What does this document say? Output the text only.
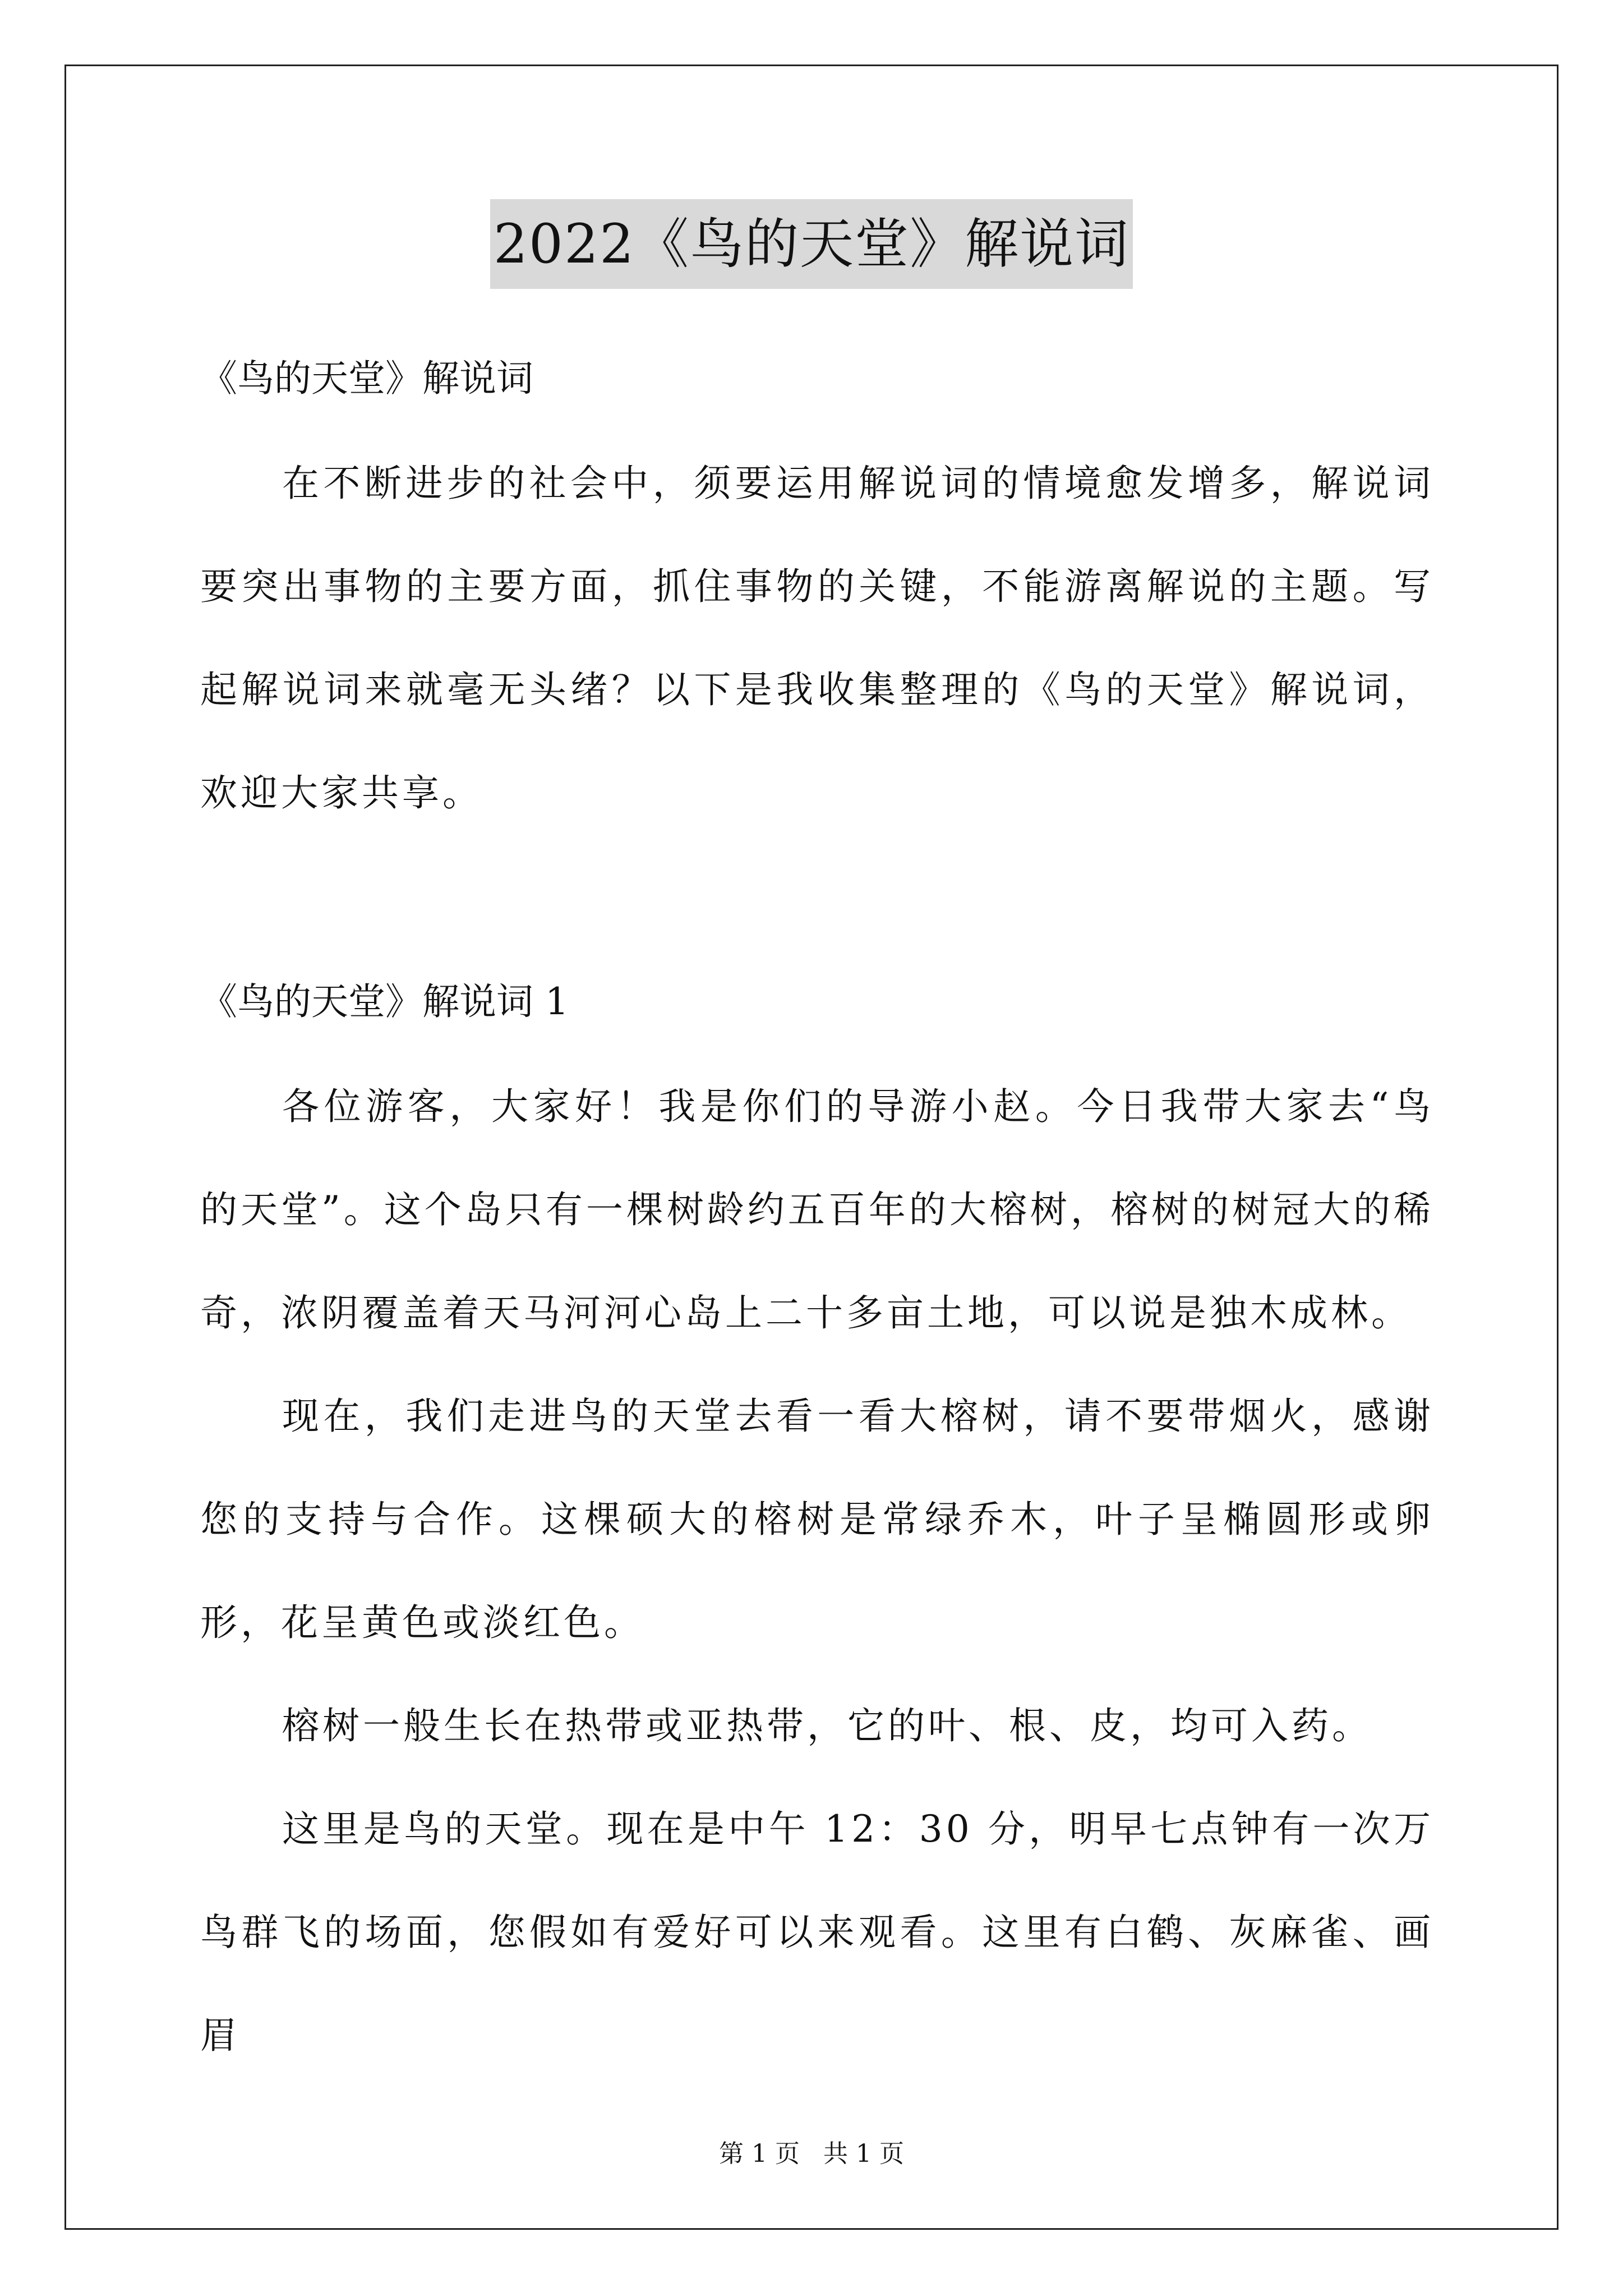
2022《鸟的天堂》解说词

《鸟的天堂》解说词

在不断进步的社会中，须要运用解说词的情境愈发增多，解说词要突出事物的主要方面，抓住事物的关键，不能游离解说的主题。写起解说词来就毫无头绪？以下是我收集整理的《鸟的天堂》解说词，欢迎大家共享。

《鸟的天堂》解说词 1

各位游客，大家好！我是你们的导游小赵。今日我带大家去“鸟的天堂”。这个岛只有一棵树龄约五百年的大榕树，榕树的树冠大的稀奇，浓阴覆盖着天马河河心岛上二十多亩土地，可以说是独木成林。

现在，我们走进鸟的天堂去看一看大榕树，请不要带烟火，感谢您的支持与合作。这棵硕大的榕树是常绿乔木，叶子呈椭圆形或卵形，花呈黄色或淡红色。

榕树一般生长在热带或亚热带，它的叶、根、皮，均可入药。

这里是鸟的天堂。现在是中午 12：30 分，明早七点钟有一次万鸟群飞的场面，您假如有爱好可以来观看。这里有白鹤、灰麻雀、画眉

第 1 页 共 1 页
